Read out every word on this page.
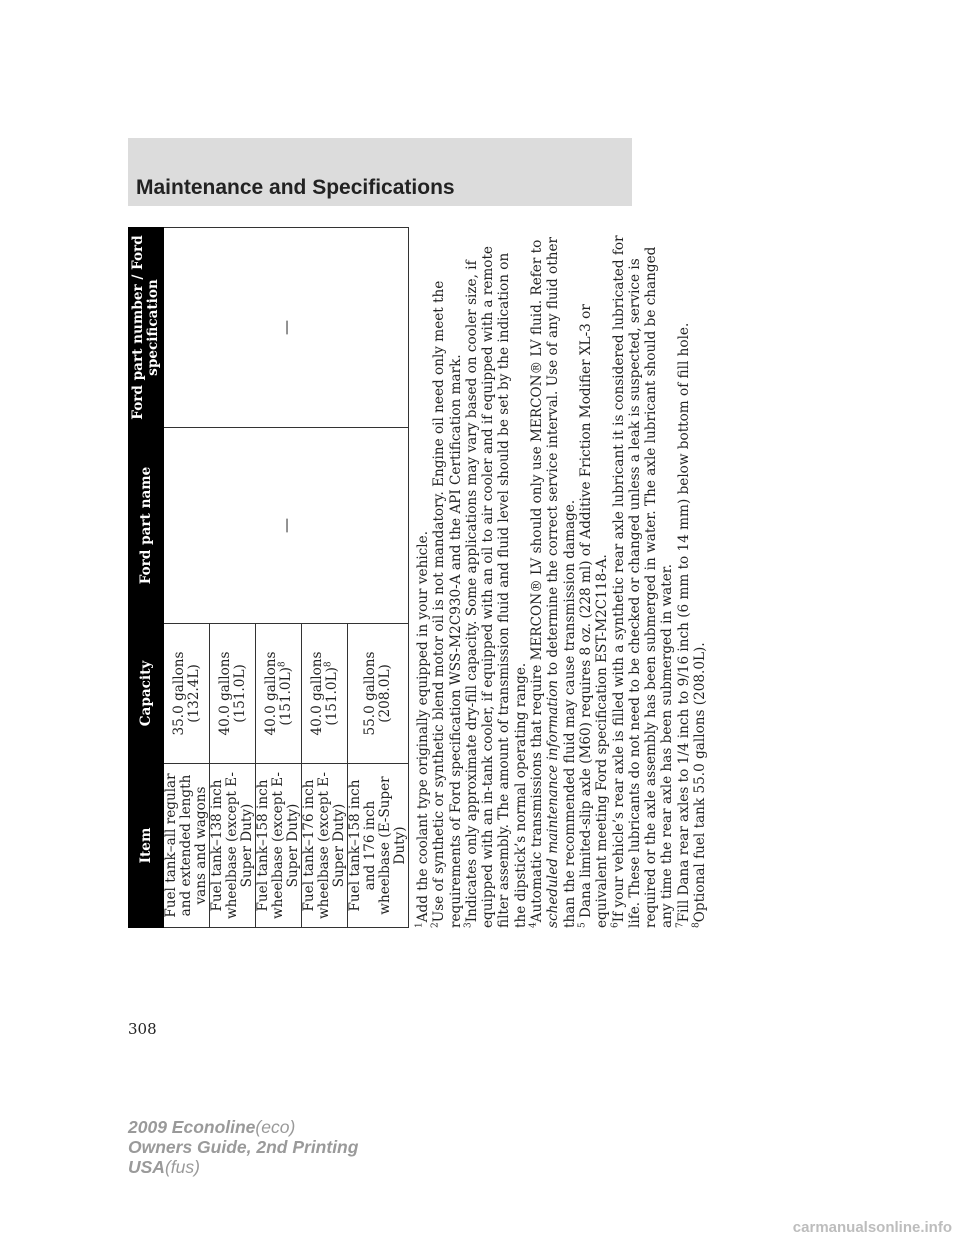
Maintenance and Specifications
Item	Capacity	Ford part name	Ford part number / Ford specification
Fuel tank–all regular and extended length vans and wagons	35.0 gallons (132.4L)	—	—
Fuel tank–138 inch wheelbase (except E-Super Duty)	40.0 gallons (151.0L)		
Fuel tank–158 inch wheelbase (except E-Super Duty)	40.0 gallons $(151.0L)^8$
Fuel tank–176 inch wheelbase (except E-Super Duty)	40.0 gallons $(151.0L)^8$
Fuel tank–158 inch and 176 inch wheelbase (E-Super Duty)	55.0 gallons (208.0L)		

$^1$Add the coolant type originally equipped in your vehicle.

$^2$Use of synthetic or synthetic blend motor oil is not mandatory. Engine oil need only meet the requirements of Ford specification WSS-M2C930-A and the API Certification mark. $^3$Indicates only approximate dry-fill capacity. Some applications may vary based on cooler size, if equipped with an in-tank cooler, if equipped with an oil to air cooler and if equipped with a remote filter assembly. The amount of transmission fluid and fluid level should be set by the indication on the dipstick’s normal operating range. $^4$Automatic transmissions that require MERCON® LV should only use MERCON® LV fluid. Refer to scheduled maintenance information to determine the correct service interval. Use of any fluid other than the recommended fluid may cause transmission damage. $^5$ Dana limited-slip axle (M60) requires 8 oz. (228 ml) of Additive Friction Modifier XL-3 or equivalent meeting Ford specification EST-M2C118-A. $^6$If your vehicle’s rear axle is filled with a synthetic rear axle lubricant it is considered lubricated for life. These lubricants do not need to be checked or changed unless a leak is suspected, service is required or the axle assembly has been submerged in water. The axle lubricant should be changed any time the rear axle has been submerged in water. $^7$Fill Dana rear axles to 1/4 inch to 9/16 inch (6 mm to 14 mm) below bottom of fill hole.

$^8$Optional fuel tank 55.0 gallons (208.0L).

308
2009 Econoline(eco)
Owners Guide, 2nd Printing
USA(fus)
carmanualsonline.info
